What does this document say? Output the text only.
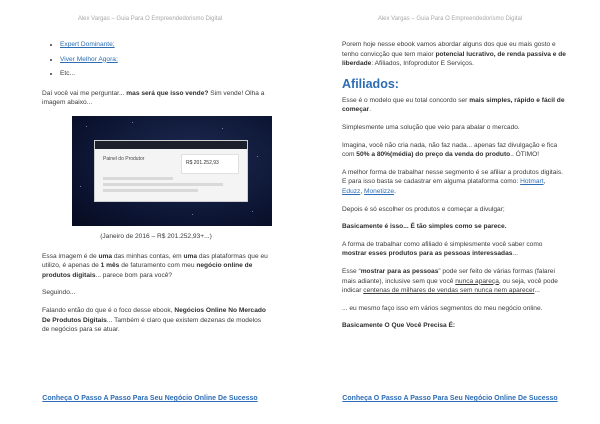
Alex Vargas – Guia Para O Empreendedorismo Digital
• Expert Dominante;
• Viver Melhor Agora;
• Etc...

Daí você vai me perguntar... mas será que isso vende? Sim vende! Olha a imagem abaixo...

Painel do Produtor
R$ 201.252,93
(Janeiro de 2016 – R$ 201.252,93+...)

Essa imagem é de uma das minhas contas, em uma das plataformas que eu utilizo, é apenas de 1 mês de faturamento com meu negócio online de produtos digitais... parece bom para você?

Seguindo...

Falando então do que é o foco desse ebook, Negócios Online No Mercado De Produtos Digitais... Também é claro que existem dezenas de modelos de negócios para se atuar.

Conheça O Passo A Passo Para Seu Negócio Online De Sucesso
Alex Vargas – Guia Para O Empreendedorismo Digital

Porem hoje nesse ebook vamos abordar alguns dos que eu mais gosto e tenho convicção que tem maior potencial lucrativo, de renda passiva e de liberdade: Afiliados, Infoprodutor E Serviços.

Afiliados:

Esse é o modelo que eu total concordo ser mais simples, rápido e fácil de começar.

Simplesmente uma solução que veio para abalar o mercado.

Imagina, você não cria nada, não faz nada... apenas faz divulgação e fica com 50% a 80%(média) do preço da venda do produto.. ÓTIMO!

A melhor forma de trabalhar nesse segmento é se afiliar a produtos digitais. E para isso basta se cadastrar em alguma plataforma como: Hotmart, Eduzz, Monetizze.

Depois é só escolher os produtos e começar a divulgar;

Basicamente é isso... É tão simples como se parece.

A forma de trabalhar como afiliado é simplesmente você saber como mostrar esses produtos para as pessoas interessadas...

Esse “mostrar para as pessoas” pode ser feito de várias formas (falarei mais adiante), inclusive sem que você nunca apareça, ou seja, você pode indicar centenas de milhares de vendas sem nunca nem aparecer...

... eu mesmo faço isso em vários segmentos do meu negócio online.

Basicamente O Que Você Precisa É:

Conheça O Passo A Passo Para Seu Negócio Online De Sucesso
